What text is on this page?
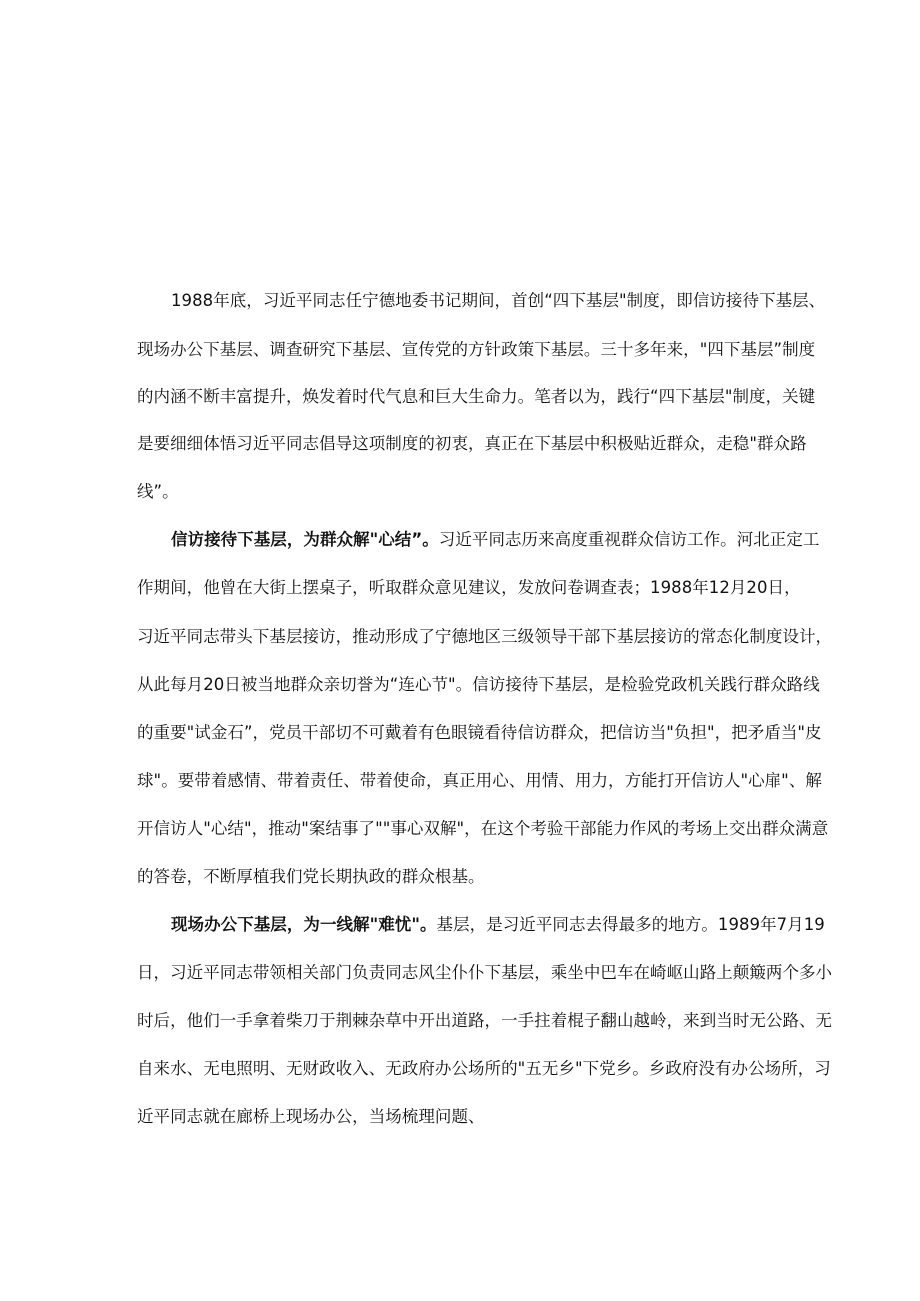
1988年底，习近平同志任宁德地委书记期间，首创“四下基层"制度，即信访接待下基层、
现场办公下基层、调查研究下基层、宣传党的方针政策下基层。三十多年来，"四下基层”制度
的内涵不断丰富提升，焕发着时代气息和巨大生命力。笔者以为，践行“四下基层"制度，关键
是要细细体悟习近平同志倡导这项制度的初衷，真正在下基层中积极贴近群众，走稳"群众路
线”。
信访接待下基层，为群众解"心结”。习近平同志历来高度重视群众信访工作。河北正定工
作期间，他曾在大街上摆桌子，听取群众意见建议，发放问卷调查表；1988年12月20日，
习近平同志带头下基层接访，推动形成了宁德地区三级领导干部下基层接访的常态化制度设计，
从此每月20日被当地群众亲切誉为“连心节"。信访接待下基层，是检验党政机关践行群众路线
的重要"试金石”，党员干部切不可戴着有色眼镜看待信访群众，把信访当"负担"，把矛盾当"皮
球"。要带着感情、带着责任、带着使命，真正用心、用情、用力，方能打开信访人"心扉"、解
开信访人"心结"，推动"案结事了""事心双解"，在这个考验干部能力作风的考场上交出群众满意
的答卷，不断厚植我们党长期执政的群众根基。
现场办公下基层，为一线解"难忧"。基层，是习近平同志去得最多的地方。1989年7月19
日，习近平同志带领相关部门负责同志风尘仆仆下基层，乘坐中巴车在崎岖山路上颠簸两个多小
时后，他们一手拿着柴刀于荆棘杂草中开出道路，一手拄着棍子翻山越岭，来到当时无公路、无
自来水、无电照明、无财政收入、无政府办公场所的"五无乡"下党乡。乡政府没有办公场所，习
近平同志就在廊桥上现场办公，当场梳理问题、
